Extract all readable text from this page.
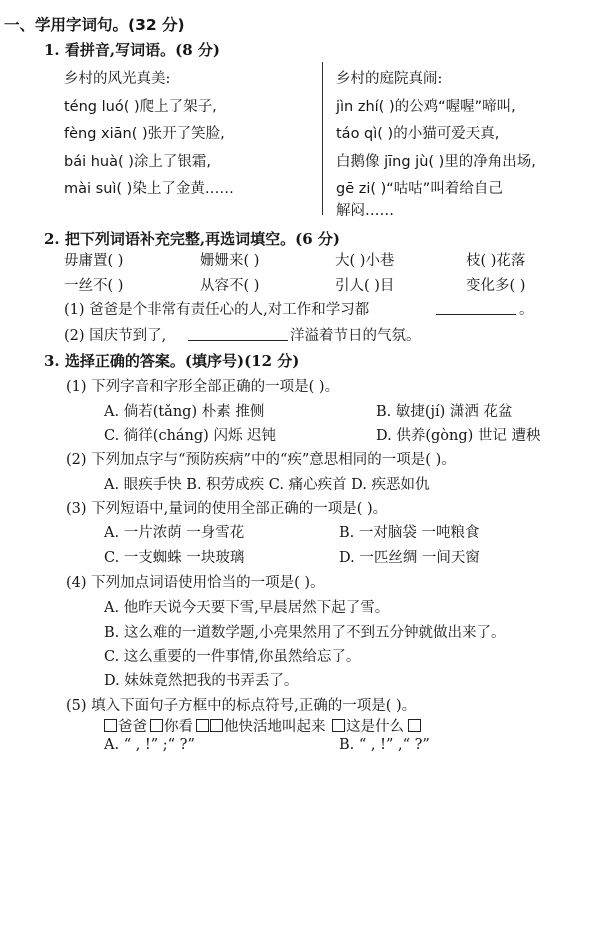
一、学用字词句。(32 分)
1. 看拼音,写词语。(8 分)
乡村的风光真美:
téng luó( )爬上了架子,
fèng xiān( )张开了笑脸,
bái huà( )涂上了银霜,
mài suì( )染上了金黄……
乡村的庭院真闹:
jìn zhí( )的公鸡“喔喔”啼叫,
táo qì( )的小猫可爱天真,
白鹅像 jīng jù( )里的净角出场,
gē zi( )“咕咕”叫着给自己
解闷……
2. 把下列词语补充完整,再选词填空。(6 分)
毋庸置( )	姗姗来( )	大( )小巷	枝( )花落
一丝不( )	从容不( )	引人( )目	变化多( )
(1) 爸爸是个非常有责任心的人,对工作和学习都	。
(2) 国庆节到了,	洋溢着节日的气氛。
3. 选择正确的答案。(填序号)(12 分)
(1) 下列字音和字形全部正确的一项是( )。
A. 倘若(tǎng) 朴素 推侧	B. 敏捷(jí) 潇洒 花盆
C. 徜徉(cháng) 闪烁 迟钝	D. 供养(gòng) 世记 遭秧
(2) 下列加点字与“预防疾病”中的“疾”意思相同的一项是( )。
A. 眼疾手快 B. 积劳成疾 C. 痛心疾首 D. 疾恶如仇
(3) 下列短语中,量词的使用全部正确的一项是( )。
A. 一片浓荫 一身雪花	B. 一对脑袋 一吨粮食
C. 一支蜘蛛 一块玻璃	D. 一匹丝绸 一间天窗
(4) 下列加点词语使用恰当的一项是( )。
A. 他昨天说今天要下雪,早晨居然下起了雪。
B. 这么难的一道数学题,小亮果然用了不到五分钟就做出来了。
C. 这么重要的一件事情,你虽然给忘了。
D. 妹妹竟然把我的书弄丢了。
(5) 填入下面句子方框中的标点符号,正确的一项是( )。
爸爸 你看 他快活地叫起来 这是什么
A. “ , !” ;“ ?”	B. “ , !” ,“ ?”
